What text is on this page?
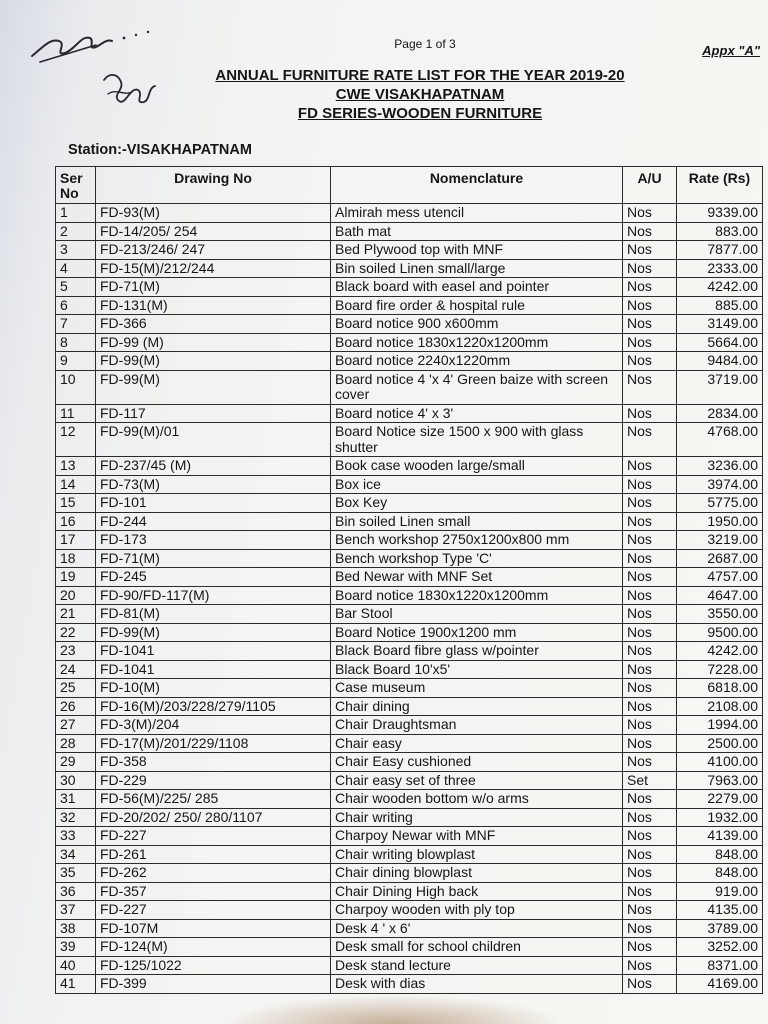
Page 1 of 3	Appx "A"
ANNUAL FURNITURE RATE LIST FOR THE YEAR 2019-20
CWE VISAKHAPATNAM
FD SERIES-WOODEN FURNITURE
Station:-VISAKHAPATNAM
Ser
No	Drawing No	Nomenclature	A/U	Rate (Rs)
1	FD-93(M)	Almirah mess utencil	Nos	9339.00
2	FD-14/205/ 254	Bath mat	Nos	883.00
3	FD-213/246/ 247	Bed Plywood top with MNF	Nos	7877.00
4	FD-15(M)/212/244	Bin soiled Linen small/large	Nos	2333.00
5	FD-71(M)	Black board with easel and pointer	Nos	4242.00
6	FD-131(M)	Board fire order & hospital rule	Nos	885.00
7	FD-366	Board notice 900 x600mm	Nos	3149.00
8	FD-99 (M)	Board notice 1830x1220x1200mm	Nos	5664.00
9	FD-99(M)	Board notice 2240x1220mm	Nos	9484.00
10	FD-99(M)	Board notice 4 'x 4' Green baize with screen cover	Nos	3719.00
11	FD-117	Board notice 4' x 3'	Nos	2834.00
12	FD-99(M)/01	Board Notice size 1500 x 900 with glass shutter	Nos	4768.00
13	FD-237/45 (M)	Book case wooden large/small	Nos	3236.00
14	FD-73(M)	Box ice	Nos	3974.00
15	FD-101	Box Key	Nos	5775.00
16	FD-244	Bin soiled Linen small	Nos	1950.00
17	FD-173	Bench workshop 2750x1200x800 mm	Nos	3219.00
18	FD-71(M)	Bench workshop Type 'C'	Nos	2687.00
19	FD-245	Bed Newar with MNF Set	Nos	4757.00
20	FD-90/FD-117(M)	Board notice 1830x1220x1200mm	Nos	4647.00
21	FD-81(M)	Bar Stool	Nos	3550.00
22	FD-99(M)	Board Notice 1900x1200 mm	Nos	9500.00
23	FD-1041	Black Board fibre glass w/pointer	Nos	4242.00
24	FD-1041	Black Board 10'x5'	Nos	7228.00
25	FD-10(M)	Case museum	Nos	6818.00
26	FD-16(M)/203/228/279/1105	Chair dining	Nos	2108.00
27	FD-3(M)/204	Chair Draughtsman	Nos	1994.00
28	FD-17(M)/201/229/1108	Chair easy	Nos	2500.00
29	FD-358	Chair Easy cushioned	Nos	4100.00
30	FD-229	Chair easy set of three	Set	7963.00
31	FD-56(M)/225/ 285	Chair wooden bottom w/o arms	Nos	2279.00
32	FD-20/202/ 250/ 280/1107	Chair writing	Nos	1932.00
33	FD-227	Charpoy Newar with MNF	Nos	4139.00
34	FD-261	Chair writing blowplast	Nos	848.00
35	FD-262	Chair dining blowplast	Nos	848.00
36	FD-357	Chair Dining High back	Nos	919.00
37	FD-227	Charpoy wooden with ply top	Nos	4135.00
38	FD-107M	Desk 4 ' x 6'	Nos	3789.00
39	FD-124(M)	Desk small for school children	Nos	3252.00
40	FD-125/1022	Desk stand lecture	Nos	8371.00
41	FD-399	Desk with dias	Nos	4169.00
